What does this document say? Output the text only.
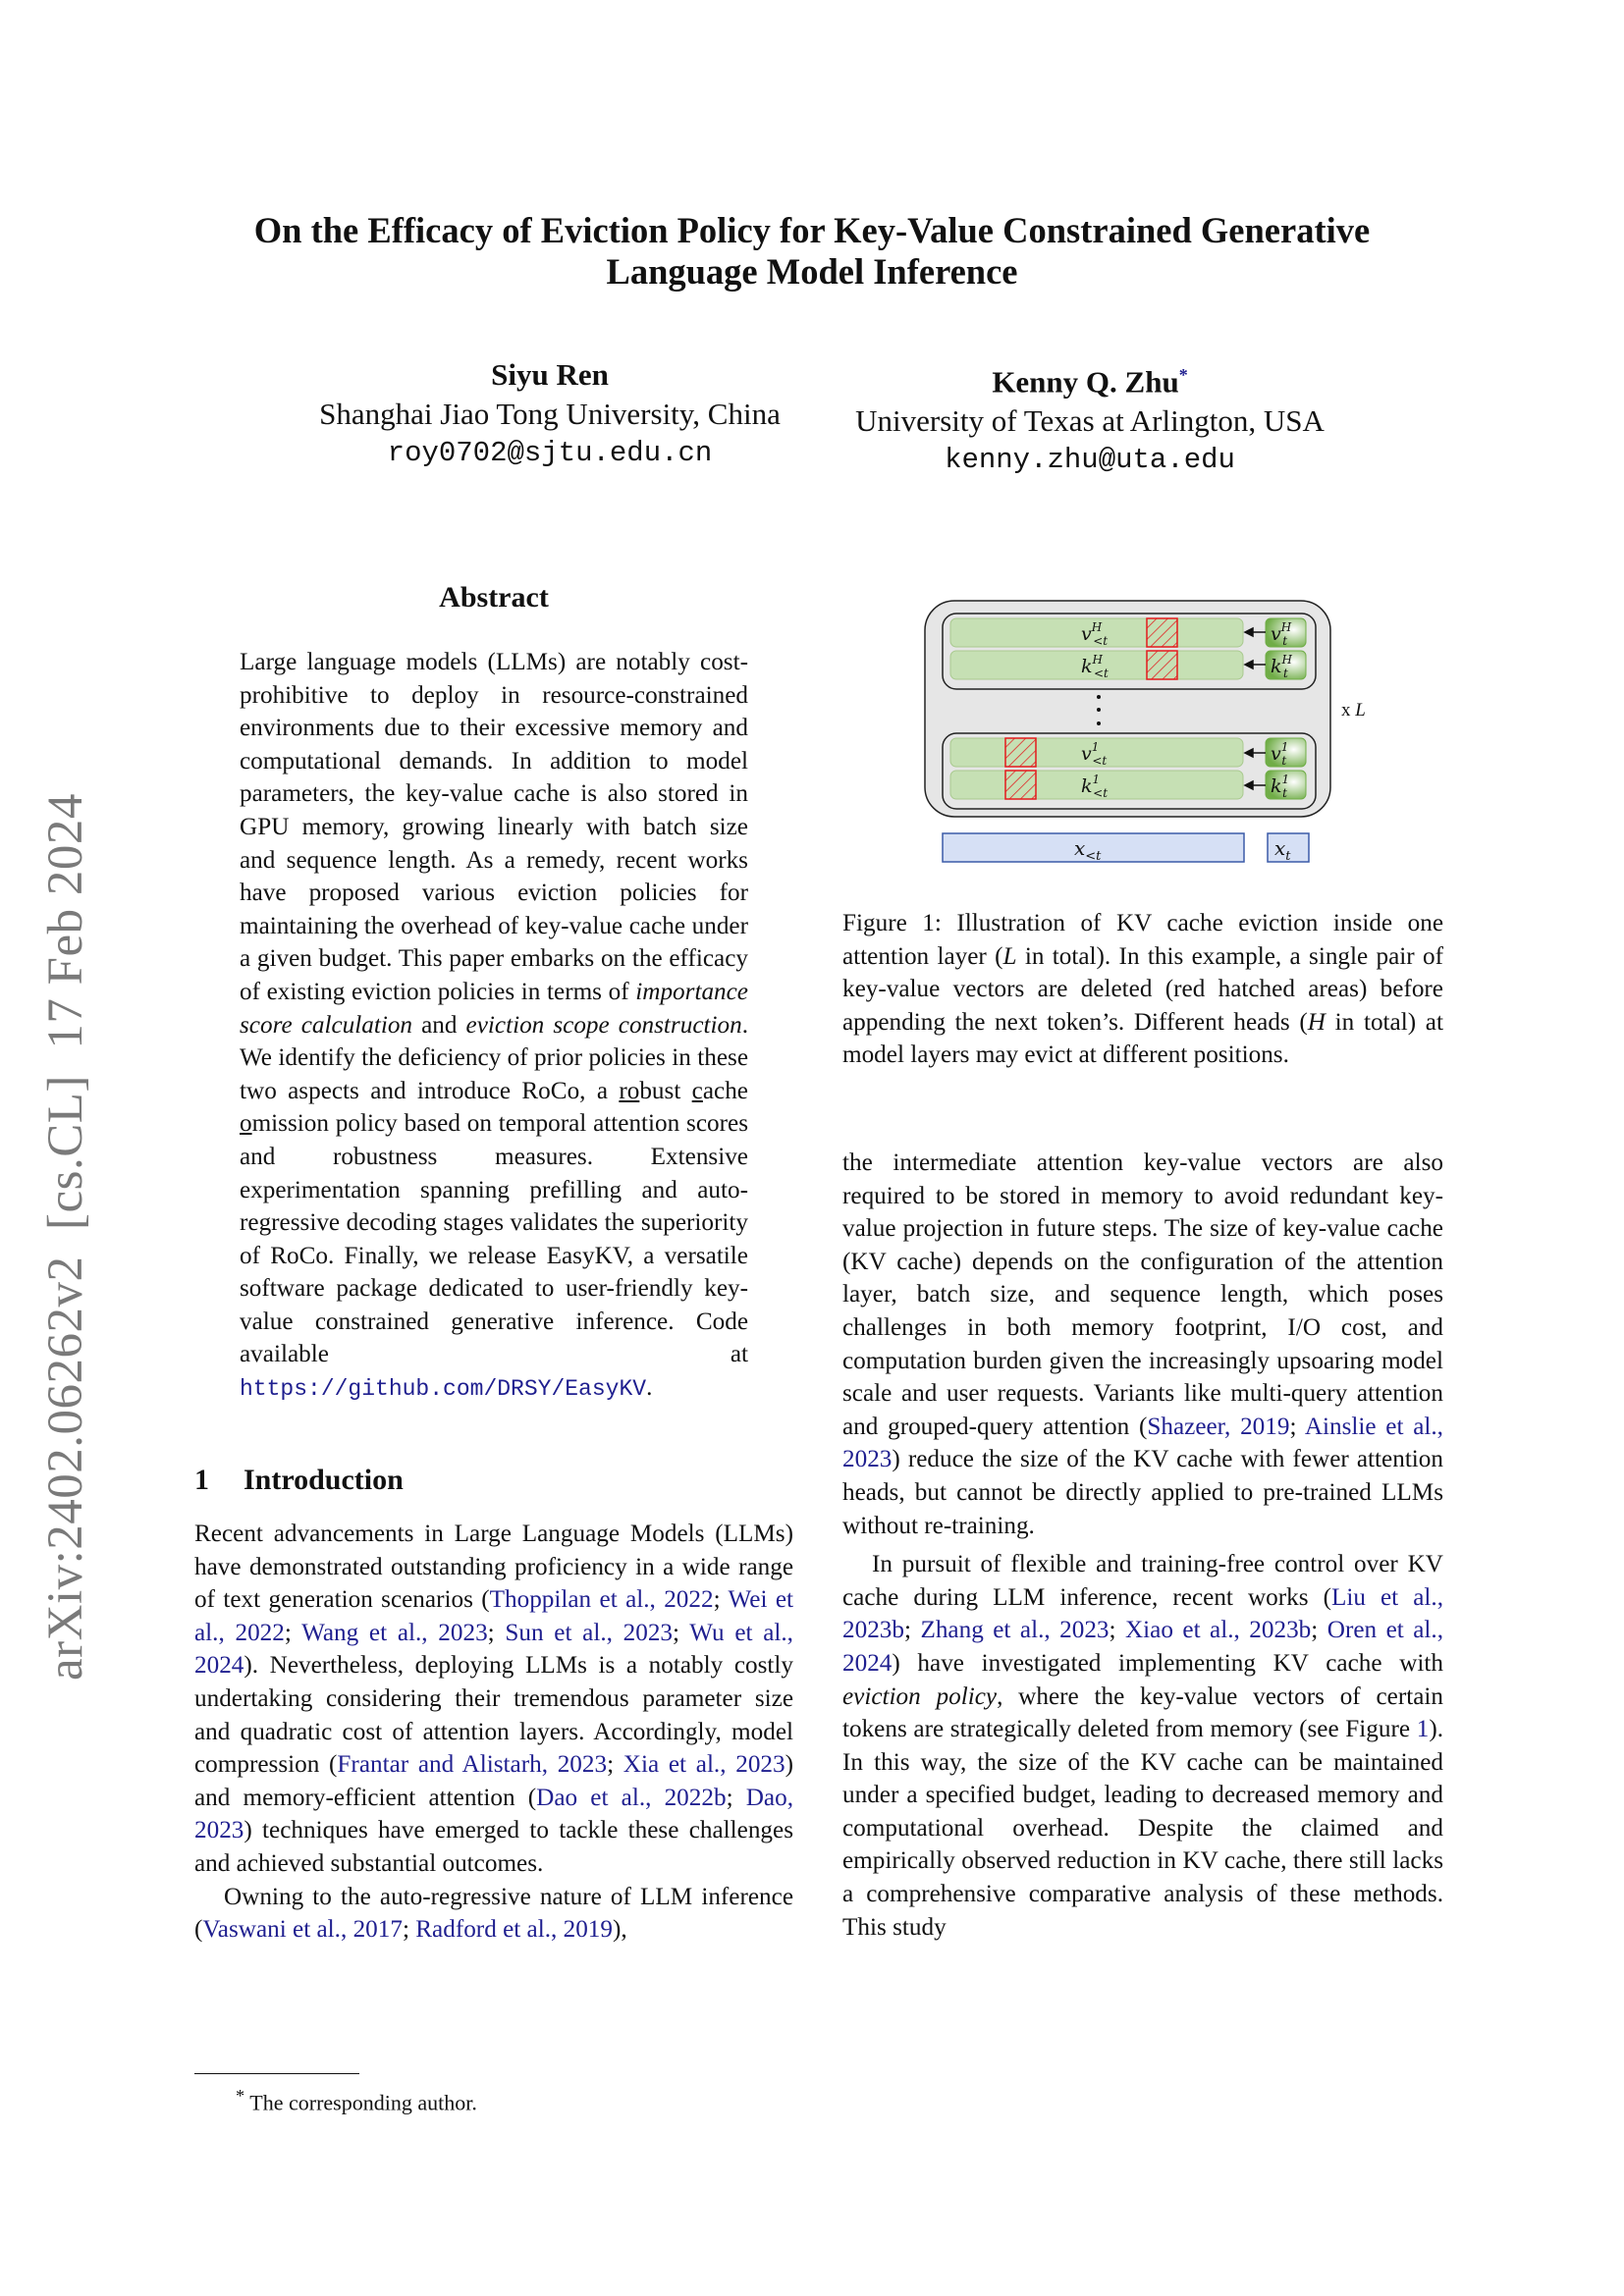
On the Efficacy of Eviction Policy for Key-Value Constrained Generative
Language Model Inference
Siyu Ren
Shanghai Jiao Tong University, China
roy0702@sjtu.edu.cn
Kenny Q. Zhu*
University of Texas at Arlington, USA
kenny.zhu@uta.edu
arXiv:2402.06262v2  [cs.CL]  17 Feb 2024
Abstract
Large language models (LLMs) are notably cost-prohibitive to deploy in resource-constrained environments due to their excessive memory and computational demands. In addition to model parameters, the key-value cache is also stored in GPU memory, growing linearly with batch size and sequence length. As a remedy, recent works have proposed various eviction policies for maintaining the overhead of key-value cache under a given budget. This paper embarks on the efficacy of existing eviction policies in terms of importance score calculation and eviction scope construction. We identify the deficiency of prior policies in these two aspects and introduce RoCo, a robust cache omission policy based on temporal attention scores and robustness measures. Extensive experimentation spanning prefilling and auto-regressive decoding stages validates the superiority of RoCo. Finally, we release EasyKV, a versatile software package dedicated to user-friendly key-value constrained generative inference. Code available at https://github.com/DRSY/EasyKV.
1 Introduction

Recent advancements in Large Language Models (LLMs) have demonstrated outstanding proficiency in a wide range of text generation scenarios (Thoppilan et al., 2022; Wei et al., 2022; Wang et al., 2023; Sun et al., 2023; Wu et al., 2024). Nevertheless, deploying LLMs is a notably costly undertaking considering their tremendous parameter size and quadratic cost of attention layers. Accordingly, model compression (Frantar and Alistarh, 2023; Xia et al., 2023) and memory-efficient attention (Dao et al., 2022b; Dao, 2023) techniques have emerged to tackle these challenges and achieved substantial outcomes.

Owning to the auto-regressive nature of LLM inference (Vaswani et al., 2017; Radford et al., 2019),

* The corresponding author.
$v^H <t$
$k^H <t$
$v^1 <t$
$k^1 <t$
$v^H$ t
$k^H$ t
$v^1$ t
$k^1$ t
$x_{<t}$	$x_t$
x L
Figure 1: Illustration of KV cache eviction inside one attention layer (L in total). In this example, a single pair of key-value vectors are deleted (red hatched areas) before appending the next token’s. Different heads (H in total) at model layers may evict at different positions.

the intermediate attention key-value vectors are also required to be stored in memory to avoid redundant key-value projection in future steps. The size of key-value cache (KV cache) depends on the configuration of the attention layer, batch size, and sequence length, which poses challenges in both memory footprint, I/O cost, and computation burden given the increasingly upsoaring model scale and user requests. Variants like multi-query attention and grouped-query attention (Shazeer, 2019; Ainslie et al., 2023) reduce the size of the KV cache with fewer attention heads, but cannot be directly applied to pre-trained LLMs without re-training.

In pursuit of flexible and training-free control over KV cache during LLM inference, recent works (Liu et al., 2023b; Zhang et al., 2023; Xiao et al., 2023b; Oren et al., 2024) have investigated implementing KV cache with eviction policy, where the key-value vectors of certain tokens are strategically deleted from memory (see Figure 1). In this way, the size of the KV cache can be maintained under a specified budget, leading to decreased memory and computational overhead. Despite the claimed and empirically observed reduction in KV cache, there still lacks a comprehensive comparative analysis of these methods. This study
